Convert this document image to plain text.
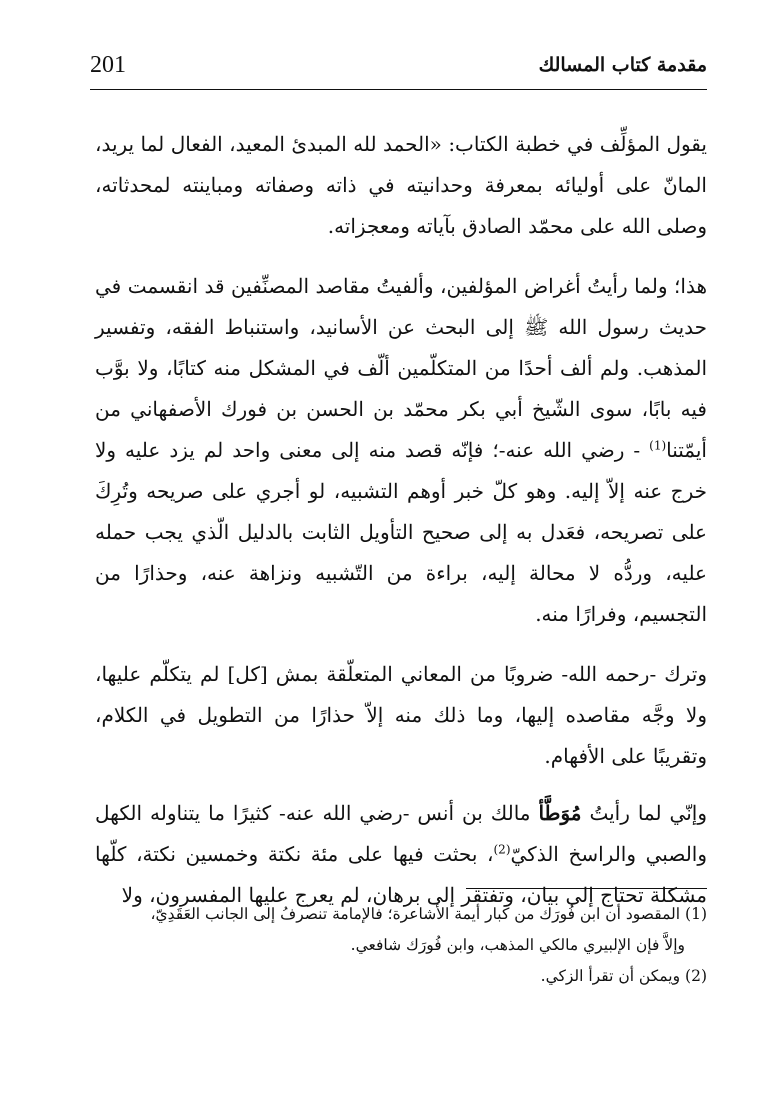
201	مقدمة كتاب المسالك

يقول المؤلِّف في خطبة الكتاب: «الحمد لله المبدئ المعيد، الفعال لما يريد، المانّ على أوليائه بمعرفة وحدانيته في ذاته وصفاته ومباينته لمحدثاته، وصلى الله على محمّد الصادق بآياته ومعجزاته.

هذا؛ ولما رأيتُ أغراض المؤلفين، وألفيتُ مقاصد المصنِّفين قد انقسمت في حديث رسول الله ﷺ إلى البحث عن الأسانيد، واستنباط الفقه، وتفسير المذهب. ولم ألف أحدًا من المتكلّمين ألّف في المشكل منه كتابًا، ولا بوَّب فيه بابًا، سوى الشّيخ أبي بكر محمّد بن الحسن بن فورك الأصفهاني من أيمّتنا$^{(1)}$ - رضي الله عنه-؛ فإنّه قصد منه إلى معنى واحد لم يزد عليه ولا خرج عنه إلاّ إليه. وهو كلّ خبر أوهم التشبيه، لو أجري على صريحه وتُرِكَ على تصريحه، فعَدل به إلى صحيح التأويل الثابت بالدليل الّذي يجب حمله عليه، وردُّه لا محالة إليه، براءة من التّشبيه ونزاهة عنه، وحذارًا من التجسيم، وفرارًا منه.

وترك -رحمه الله- ضروبًا من المعاني المتعلّقة بمش [كل] لم يتكلّم عليها، ولا وجَّه مقاصده إليها، وما ذلك منه إلاّ حذارًا من التطويل في الكلام، وتقريبًا على الأفهام.

وإنّي لما رأيتُ مُوَطَّأ مالك بن أنس -رضي الله عنه- كثيرًا ما يتناوله الكهل والصبي والراسخ الذكيّ$^{(2)}$، بحثت فيها على مئة نكتة وخمسين نكتة، كلّها مشكلة تحتاج إلى بيان، وتفتقر إلى برهان، لم يعرج عليها المفسرون، ولا

(1) المقصود أن ابن فُورَك من كبار أيمة الأشاعرة؛ فالإمامة تنصرفُ إلى الجانب العَقَدِيّ،

وإلاَّ فإن الإلبيري مالكي المذهب، وابن فُورَك شافعي.

(2) ويمكن أن تقرأ الزكي.
